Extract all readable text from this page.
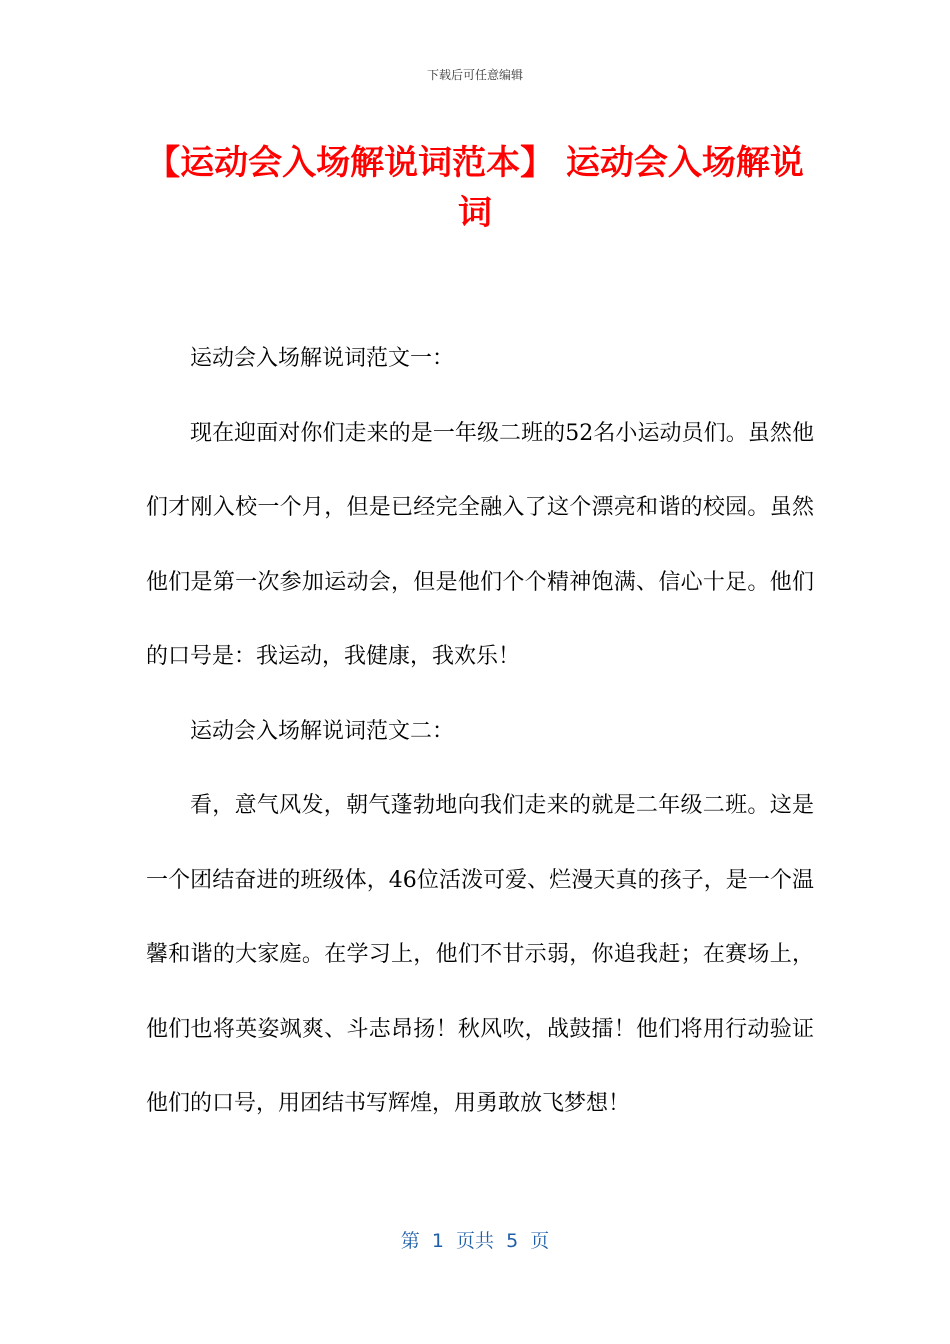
下载后可任意编辑
【运动会入场解说词范本】 运动会入场解说词

运动会入场解说词范文一：

现在迎面对你们走来的是一年级二班的52名小运动员们。虽然他们才刚入校一个月，但是已经完全融入了这个漂亮和谐的校园。虽然他们是第一次参加运动会，但是他们个个精神饱满、信心十足。他们的口号是：我运动，我健康，我欢乐！

运动会入场解说词范文二：

看，意气风发，朝气蓬勃地向我们走来的就是二年级二班。这是一个团结奋进的班级体，46位活泼可爱、烂漫天真的孩子，是一个温馨和谐的大家庭。在学习上，他们不甘示弱，你追我赶；在赛场上，他们也将英姿飒爽、斗志昂扬！秋风吹，战鼓擂！他们将用行动验证他们的口号，用团结书写辉煌，用勇敢放飞梦想！

第  1  页共  5  页
